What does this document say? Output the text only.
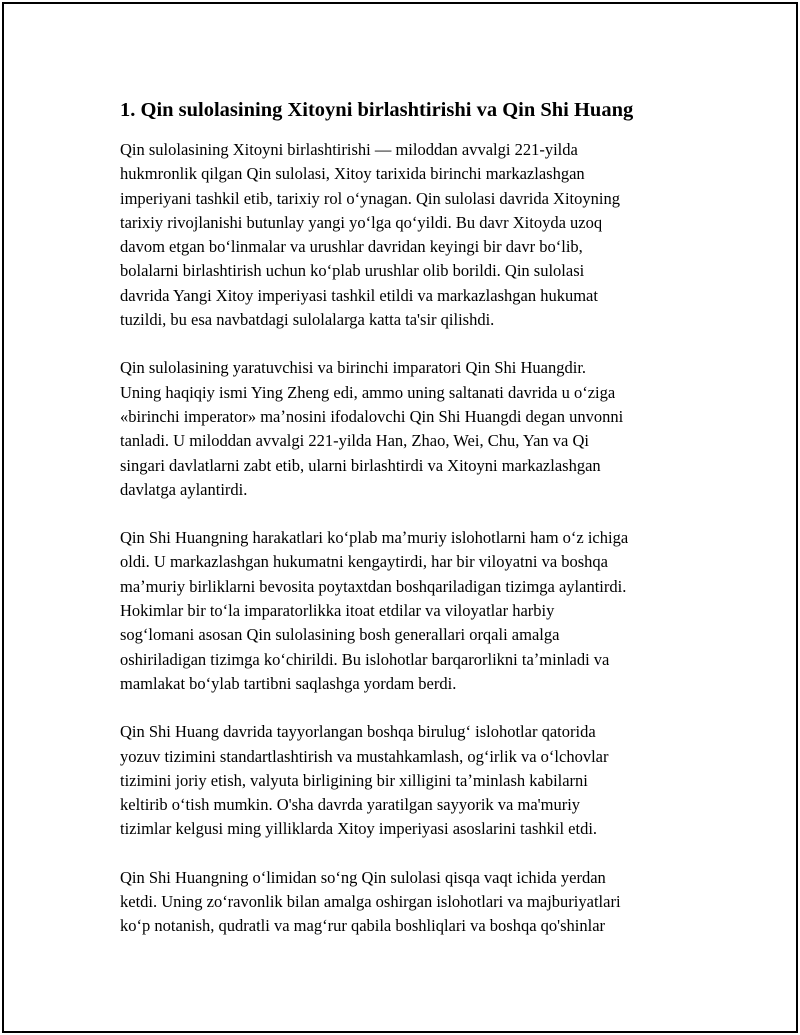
1. Qin sulolasining Xitoyni birlashtirishi va Qin Shi Huang
Qin sulolasining Xitoyni birlashtirishi — miloddan avvalgi 221-yilda
hukmronlik qilgan Qin sulolasi, Xitoy tarixida birinchi markazlashgan
imperiyani tashkil etib, tarixiy rol oʻynagan. Qin sulolasi davrida Xitoyning
tarixiy rivojlanishi butunlay yangi yoʻlga qoʻyildi. Bu davr Xitoyda uzoq
davom etgan boʻlinmalar va urushlar davridan keyingi bir davr boʻlib,
bolalarni birlashtirish uchun koʻplab urushlar olib borildi. Qin sulolasi
davrida Yangi Xitoy imperiyasi tashkil etildi va markazlashgan hukumat
tuzildi, bu esa navbatdagi sulolalarga katta ta'sir qilishdi.
Qin sulolasining yaratuvchisi va birinchi imparatori Qin Shi Huangdir.
Uning haqiqiy ismi Ying Zheng edi, ammo uning saltanati davrida u oʻziga
«birinchi imperator» maʼnosini ifodalovchi Qin Shi Huangdi degan unvonni
tanladi. U miloddan avvalgi 221-yilda Han, Zhao, Wei, Chu, Yan va Qi
singari davlatlarni zabt etib, ularni birlashtirdi va Xitoyni markazlashgan
davlatga aylantirdi.
Qin Shi Huangning harakatlari koʻplab maʼmuriy islohotlarni ham oʻz ichiga
oldi. U markazlashgan hukumatni kengaytirdi, har bir viloyatni va boshqa
maʼmuriy birliklarni bevosita poytaxtdan boshqariladigan tizimga aylantirdi.
Hokimlar bir toʻla imparatorlikka itoat etdilar va viloyatlar harbiy
sogʻlomani asosan Qin sulolasining bosh generallari orqali amalga
oshiriladigan tizimga koʻchirildi. Bu islohotlar barqarorlikni taʼminladi va
mamlakat boʻylab tartibni saqlashga yordam berdi.
Qin Shi Huang davrida tayyorlangan boshqa birulugʻ islohotlar qatorida
yozuv tizimini standartlashtirish va mustahkamlash, ogʻirlik va oʻlchovlar
tizimini joriy etish, valyuta birligining bir xilligini taʼminlash kabilarni
keltirib oʻtish mumkin. O'sha davrda yaratilgan sayyorik va ma'muriy
tizimlar kelgusi ming yilliklarda Xitoy imperiyasi asoslarini tashkil etdi.
Qin Shi Huangning oʻlimidan soʻng Qin sulolasi qisqa vaqt ichida yerdan
ketdi. Uning zoʻravonlik bilan amalga oshirgan islohotlari va majburiyatlari
koʻp notanish, qudratli va magʻrur qabila boshliqlari va boshqa qo'shinlar
